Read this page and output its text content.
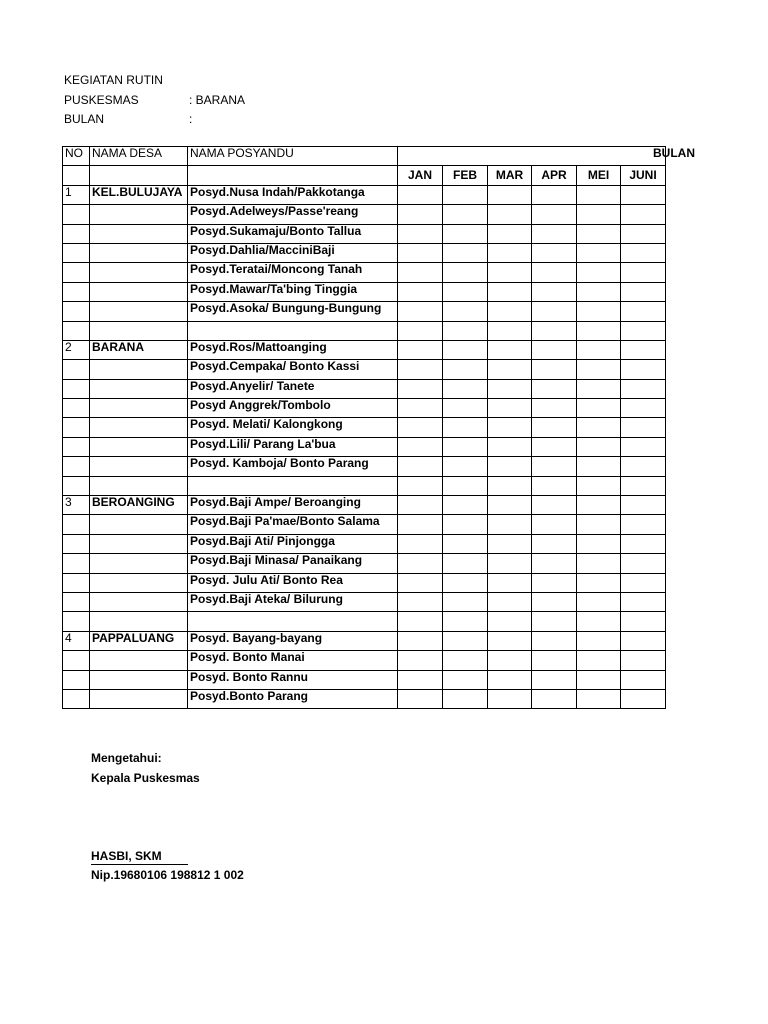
KEGIATAN RUTIN
PUSKESMAS	: BARANA
BULAN	:
NO	NAMA DESA	NAMA POSYANDU	BULAN					
			JAN	FEB	MAR	APR	MEI	JUNI
1	KEL.BULUJAYA	Posyd.Nusa Indah/Pakkotanga						
		Posyd.Adelweys/Passe'reang						
		Posyd.Sukamaju/Bonto Tallua						
		Posyd.Dahlia/MacciniBaji						
		Posyd.Teratai/Moncong Tanah						
		Posyd.Mawar/Ta'bing Tinggia						
		Posyd.Asoka/ Bungung-Bungung						

2	BARANA	Posyd.Ros/Mattoanging						
		Posyd.Cempaka/ Bonto Kassi						
		Posyd.Anyelir/ Tanete						
		Posyd Anggrek/Tombolo						
		Posyd. Melati/ Kalongkong						
		Posyd.Lili/ Parang La'bua						
		Posyd. Kamboja/ Bonto Parang						

3	BEROANGING	Posyd.Baji Ampe/ Beroanging						
		Posyd.Baji Pa'mae/Bonto Salama						
		Posyd.Baji Ati/ Pinjongga						
		Posyd.Baji Minasa/ Panaikang						
		Posyd. Julu Ati/ Bonto Rea						
		Posyd.Baji Ateka/ Bilurung						

4	PAPPALUANG	Posyd. Bayang-bayang						
		Posyd. Bonto Manai						
		Posyd. Bonto Rannu						
		Posyd.Bonto Parang						
Mengetahui:
Kepala Puskesmas
HASBI, SKM
Nip.19680106 198812 1 002
